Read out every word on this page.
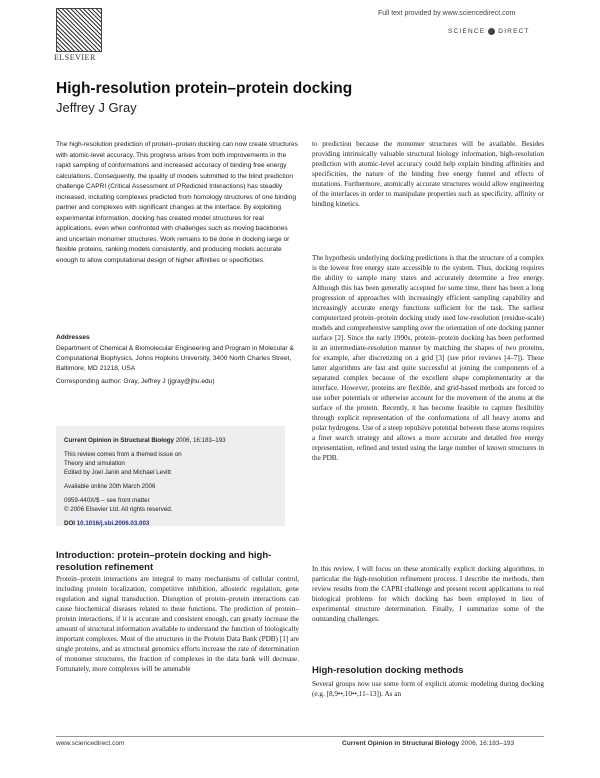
ELSEVIER
Full text provided by www.sciencedirect.com
SCIENCE DIRECT
High-resolution protein–protein docking
Jeffrey J Gray

The high-resolution prediction of protein–protein docking can now create structures with atomic-level accuracy. This progress arises from both improvements in the rapid sampling of conformations and increased accuracy of binding free energy calculations. Consequently, the quality of models submitted to the blind prediction challenge CAPRI (Critical Assessment of PRedicted Interactions) has steadily increased, including complexes predicted from homology structures of one binding partner and complexes with significant changes at the interface. By exploiting experimental information, docking has created model structures for real applications, even when confronted with challenges such as moving backbones and uncertain monomer structures. Work remains to be done in docking large or flexible proteins, ranking models consistently, and producing models accurate enough to allow computational design of higher affinities or specificities.

Addresses

Department of Chemical & Biomolecular Engineering and Program in Molecular & Computational Biophysics, Johns Hopkins University, 3400 North Charles Street, Baltimore, MD 21218, USA

Corresponding author: Gray, Jeffrey J (jgray@jhu.edu)

Current Opinion in Structural Biology 2006, 16:183–193

This review comes from a themed issue on

Theory and simulation

Edited by Joel Janin and Michael Levitt

Available online 20th March 2006

0959-440X/$ – see front matter

© 2006 Elsevier Ltd. All rights reserved.

DOI 10.1016/j.sbi.2006.03.003

Introduction: protein–protein docking and high-resolution refinement

Protein–protein interactions are integral to many mechanisms of cellular control, including protein localization, competitive inhibition, allosteric regulation, gene regulation and signal transduction. Disruption of protein–protein interactions can cause biochemical diseases related to these functions. The prediction of protein–protein interactions, if it is accurate and consistent enough, can greatly increase the amount of structural information available to understand the function of biologically important complexes. Most of the structures in the Protein Data Bank (PDB) [1] are single proteins, and as structural genomics efforts increase the rate of determination of monomer structures, the fraction of complexes in the data bank will decrease. Fortunately, more complexes will be amenable

to prediction because the monomer structures will be available. Besides providing intrinsically valuable structural biology information, high-resolution prediction with atomic-level accuracy could help explain binding affinities and specificities, the nature of the binding free energy funnel and effects of mutations. Furthermore, atomically accurate structures would allow engineering of the interfaces in order to manipulate properties such as specificity, affinity or binding kinetics.

The hypothesis underlying docking predictions is that the structure of a complex is the lowest free energy state accessible to the system. Thus, docking requires the ability to sample many states and accurately determine a free energy. Although this has been generally accepted for some time, there has been a long progression of approaches with increasingly efficient sampling capability and increasingly accurate energy functions sufficient for the task. The earliest computerized protein–protein docking study used low-resolution (residue-scale) models and comprehensive sampling over the orientation of one docking partner surface [2]. Since the early 1990s, protein–protein docking has been performed in an intermediate-resolution manner by matching the shapes of two proteins, for example, after discretizing on a grid [3] (see prior reviews [4–7]). These latter algorithms are fast and quite successful at joining the components of a separated complex because of the excellent shape complementarity at the interface. However, proteins are flexible, and grid-based methods are forced to use softer potentials or otherwise account for the movement of the atoms at the surface of the protein. Recently, it has become feasible to capture flexibility through explicit representation of the conformations of all heavy atoms and polar hydrogens. Use of a steep repulsive potential between these atoms requires a finer search strategy and allows a more accurate and detailed free energy representation, refined and tested using the large number of known structures in the PDB.

In this review, I will focus on these atomically explicit docking algorithms, in particular the high-resolution refinement process. I describe the methods, then review results from the CAPRI challenge and present recent applications to real biological problems for which docking has been employed in lieu of experimental structure determination. Finally, I summarize some of the outstanding challenges.

High-resolution docking methods

Several groups now use some form of explicit atomic modeling during docking (e.g. [8,9••,10••,11–13]). As an

www.sciencedirect.com	Current Opinion in Structural Biology 2006, 16:183–193
